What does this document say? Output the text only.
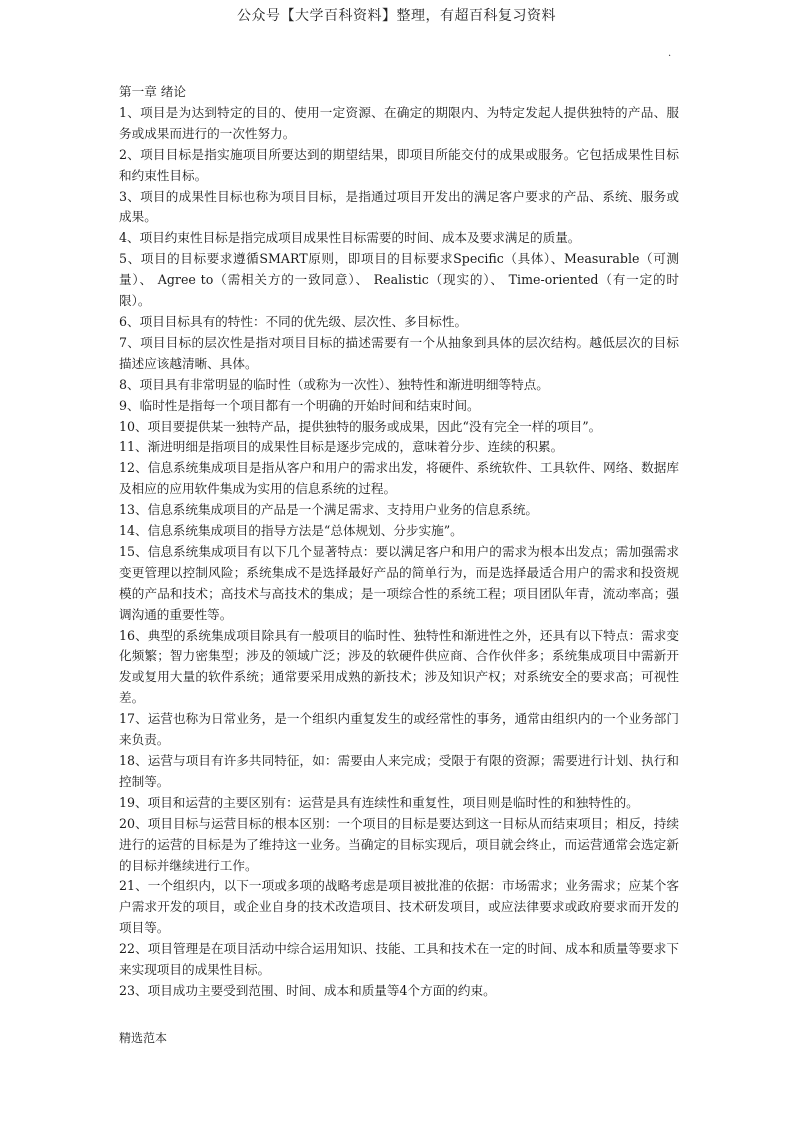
公众号【大学百科资料】整理，有超百科复习资料
.

第一章 绪论

1、项目是为达到特定的目的、使用一定资源、在确定的期限内、为特定发起人提供独特的产品、服务或成果而进行的一次性努力。

2、项目目标是指实施项目所要达到的期望结果，即项目所能交付的成果或服务。它包括成果性目标和约束性目标。

3、项目的成果性目标也称为项目目标，是指通过项目开发出的满足客户要求的产品、系统、服务或成果。

4、项目约束性目标是指完成项目成果性目标需要的时间、成本及要求满足的质量。

5、项目的目标要求遵循SMART原则，即项目的目标要求Specific（具体）、Measurable（可测量）、 Agree to（需相关方的一致同意）、 Realistic（现实的）、 Time-oriented（有一定的时限）。

6、项目目标具有的特性：不同的优先级、层次性、多目标性。

7、项目目标的层次性是指对项目目标的描述需要有一个从抽象到具体的层次结构。越低层次的目标描述应该越清晰、具体。

8、项目具有非常明显的临时性（或称为一次性）、独特性和渐进明细等特点。

9、临时性是指每一个项目都有一个明确的开始时间和结束时间。

10、项目要提供某一独特产品，提供独特的服务或成果，因此“没有完全一样的项目”。

11、渐进明细是指项目的成果性目标是逐步完成的，意味着分步、连续的积累。

12、信息系统集成项目是指从客户和用户的需求出发，将硬件、系统软件、工具软件、网络、数据库及相应的应用软件集成为实用的信息系统的过程。

13、信息系统集成项目的产品是一个满足需求、支持用户业务的信息系统。

14、信息系统集成项目的指导方法是“总体规划、分步实施”。

15、信息系统集成项目有以下几个显著特点：要以满足客户和用户的需求为根本出发点；需加强需求变更管理以控制风险；系统集成不是选择最好产品的简单行为，而是选择最适合用户的需求和投资规模的产品和技术；高技术与高技术的集成；是一项综合性的系统工程；项目团队年青，流动率高；强调沟通的重要性等。

16、典型的系统集成项目除具有一般项目的临时性、独特性和渐进性之外，还具有以下特点：需求变化频繁；智力密集型；涉及的领域广泛；涉及的软硬件供应商、合作伙伴多；系统集成项目中需新开发或复用大量的软件系统；通常要采用成熟的新技术；涉及知识产权；对系统安全的要求高；可视性差。

17、运营也称为日常业务，是一个组织内重复发生的或经常性的事务，通常由组织内的一个业务部门来负责。

18、运营与项目有许多共同特征，如：需要由人来完成；受限于有限的资源；需要进行计划、执行和控制等。

19、项目和运营的主要区别有：运营是具有连续性和重复性，项目则是临时性的和独特性的。

20、项目目标与运营目标的根本区别：一个项目的目标是要达到这一目标从而结束项目；相反，持续进行的运营的目标是为了维持这一业务。当确定的目标实现后，项目就会终止，而运营通常会选定新的目标并继续进行工作。

21、一个组织内，以下一项或多项的战略考虑是项目被批准的依据：市场需求；业务需求；应某个客户需求开发的项目，或企业自身的技术改造项目、技术研发项目，或应法律要求或政府要求而开发的项目等。

22、项目管理是在项目活动中综合运用知识、技能、工具和技术在一定的时间、成本和质量等要求下来实现项目的成果性目标。

23、项目成功主要受到范围、时间、成本和质量等4个方面的约束。

精选范本
